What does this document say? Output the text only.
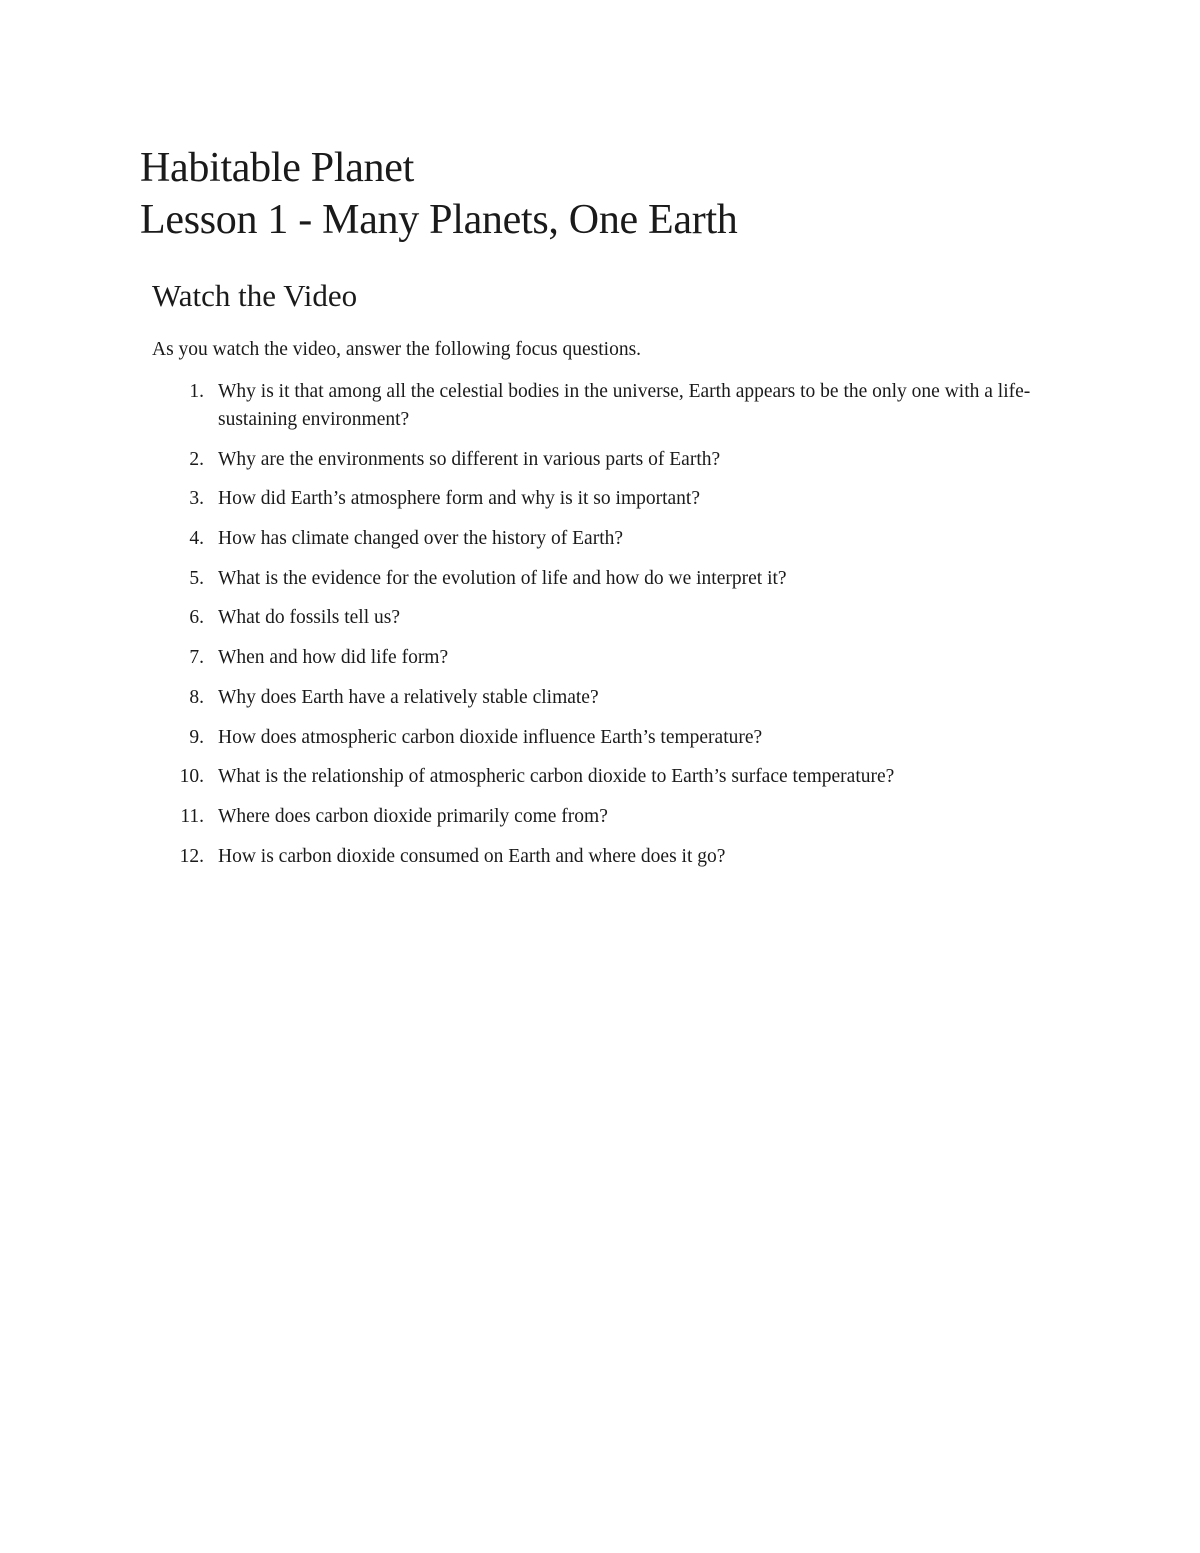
Habitable Planet
Lesson 1 - Many Planets, One Earth
Watch the Video

As you watch the video, answer the following focus questions.

1. Why is it that among all the celestial bodies in the universe, Earth appears to be the only one with a life- sustaining environment?
2. Why are the environments so different in various parts of Earth?
3. How did Earth’s atmosphere form and why is it so important?
4. How has climate changed over the history of Earth?
5. What is the evidence for the evolution of life and how do we interpret it?
6. What do fossils tell us?
7. When and how did life form?
8. Why does Earth have a relatively stable climate?
9. How does atmospheric carbon dioxide influence Earth’s temperature?
10. What is the relationship of atmospheric carbon dioxide to Earth’s surface temperature?
11. Where does carbon dioxide primarily come from?
12. How is carbon dioxide consumed on Earth and where does it go?
